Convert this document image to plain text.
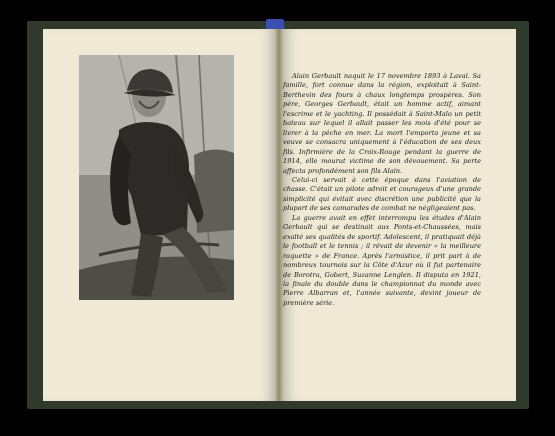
Alain Gerbault naquit le 17 novembre 1893 à Laval. Sa famille, fort connue dans la région, exploitait à Saint-Berthevin des fours à chaux longtemps prospères. Son père, Georges Gerbault, était un homme actif, aimant l'escrime et le yachting. Il possédait à Saint-Malo un petit bateau sur lequel il allait passer les mois d'été pour se livrer à la pêche en mer. La mort l'emporta jeune et sa veuve se consacra uniquement à l'éducation de ses deux fils. Infirmière de la Croix-Rouge pendant la guerre de 1914, elle mourut victime de son dévouement. Sa perte affecta profondément son fils Alain.

Celui-ci servait à cette époque dans l'aviation de chasse. C'était un pilote adroit et courageux d'une grande simplicité qui évitait avec discrétion une publicité que la plupart de ses camarades de combat ne négligeaient pas.

La guerre avait en effet interrompu les études d'Alain Gerbault qui se destinait aux Ponts-et-Chaussées, mais exalté ses qualités de sportif. Adolescent, il pratiquait déjà le football et le tennis ; il rêvait de devenir « la meilleure raquette » de France. Après l'armistice, il prit part à de nombreux tournois sur la Côte d'Azur où il fut partenaire de Borotra, Gobert, Suzanne Lenglen. Il disputa en 1921, la finale du double dans le championnat du monde avec Pierre Albarran et, l'année suivante, devint joueur de première série.
